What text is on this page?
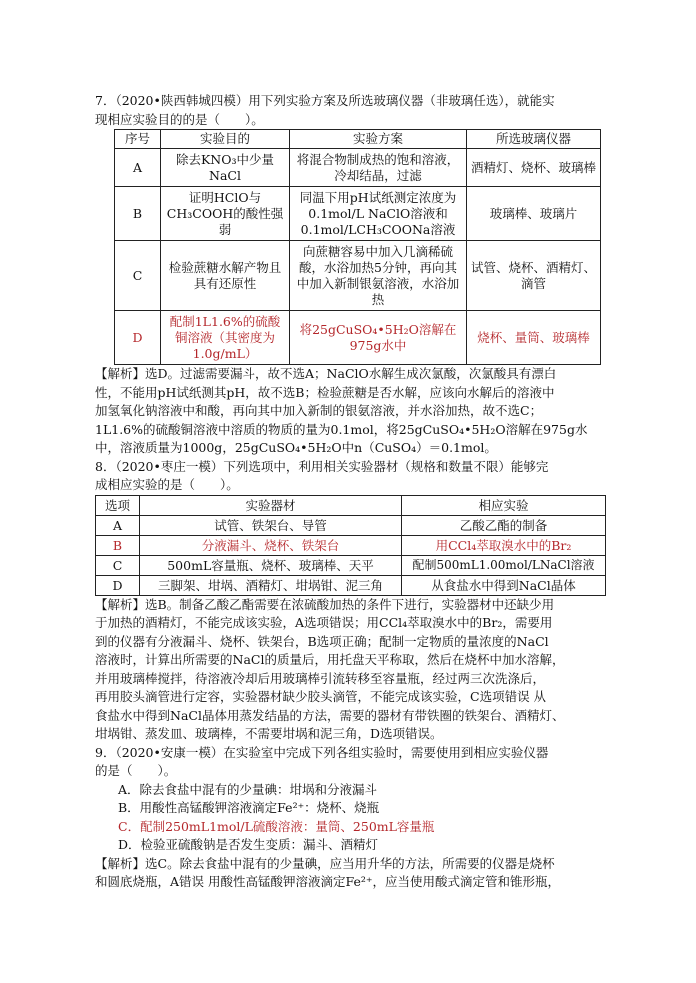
7．（2020•陕西韩城四模）用下列实验方案及所选玻璃仪器（非玻璃任选），就能实

现相应实验目的的是（　　）。

序号	实验目的	实验方案	所选玻璃仪器
A	除去KNO₃中少量NaCl	将混合物制成热的饱和溶液，冷却结晶，过滤	酒精灯、烧杯、玻璃棒
B	证明HClO与CH₃COOH的酸性强弱	同温下用pH试纸测定浓度为0.1mol/L NaClO溶液和0.1mol/LCH₃COONa溶液	玻璃棒、玻璃片
C	检验蔗糖水解产物且具有还原性	向蔗糖容易中加入几滴稀硫酸，水浴加热5分钟，再向其中加入新制银氨溶液，水浴加热	试管、烧杯、酒精灯、滴管
D	配制1L1.6%的硫酸铜溶液（其密度为1.0g/mL）	将25gCuSO₄•5H₂O溶解在975g水中	烧杯、量筒、玻璃棒

【解析】选D。过滤需要漏斗，故不选A；NaClO水解生成次氯酸，次氯酸具有漂白

性，不能用pH试纸测其pH，故不选B；检验蔗糖是否水解，应该向水解后的溶液中

加氢氧化钠溶液中和酸，再向其中加入新制的银氨溶液，并水浴加热，故不选C；

1L1.6%的硫酸铜溶液中溶质的物质的量为0.1mol，将25gCuSO₄•5H₂O溶解在975g水

中，溶液质量为1000g，25gCuSO₄•5H₂O中n（CuSO₄）＝0.1mol。

8．（2020•枣庄一模）下列选项中，利用相关实验器材（规格和数量不限）能够完

成相应实验的是（　　）。

选项	实验器材	相应实验
A	试管、铁架台、导管	乙酸乙酯的制备
B	分液漏斗、烧杯、铁架台	用CCl₄萃取溴水中的Br₂
C	500mL容量瓶、烧杯、玻璃棒、天平	配制500mL1.00mol/LNaCl溶液
D	三脚架、坩埚、酒精灯、坩埚钳、泥三角	从食盐水中得到NaCl晶体

【解析】选B。制备乙酸乙酯需要在浓硫酸加热的条件下进行，实验器材中还缺少用

于加热的酒精灯，不能完成该实验，A选项错误；用CCl₄萃取溴水中的Br₂，需要用

到的仪器有分液漏斗、烧杯、铁架台，B选项正确；配制一定物质的量浓度的NaCl

溶液时，计算出所需要的NaCl的质量后，用托盘天平称取，然后在烧杯中加水溶解，

并用玻璃棒搅拌，待溶液冷却后用玻璃棒引流转移至容量瓶，经过两三次洗涤后，

再用胶头滴管进行定容，实验器材缺少胶头滴管，不能完成该实验，C选项错误 从

食盐水中得到NaCl晶体用蒸发结晶的方法，需要的器材有带铁圈的铁架台、酒精灯、

坩埚钳、蒸发皿、玻璃棒，不需要坩埚和泥三角，D选项错误。

9．（2020•安康一模）在实验室中完成下列各组实验时，需要使用到相应实验仪器

的是（　　）。

A．除去食盐中混有的少量碘：坩埚和分液漏斗

B．用酸性高锰酸钾溶液滴定Fe²⁺：烧杯、烧瓶

C．配制250mL1mol/L硫酸溶液：量筒、250mL容量瓶

D．检验亚硫酸钠是否发生变质：漏斗、酒精灯

【解析】选C。除去食盐中混有的少量碘，应当用升华的方法，所需要的仪器是烧杯

和圆底烧瓶，A错误 用酸性高锰酸钾溶液滴定Fe²⁺，应当使用酸式滴定管和锥形瓶，
